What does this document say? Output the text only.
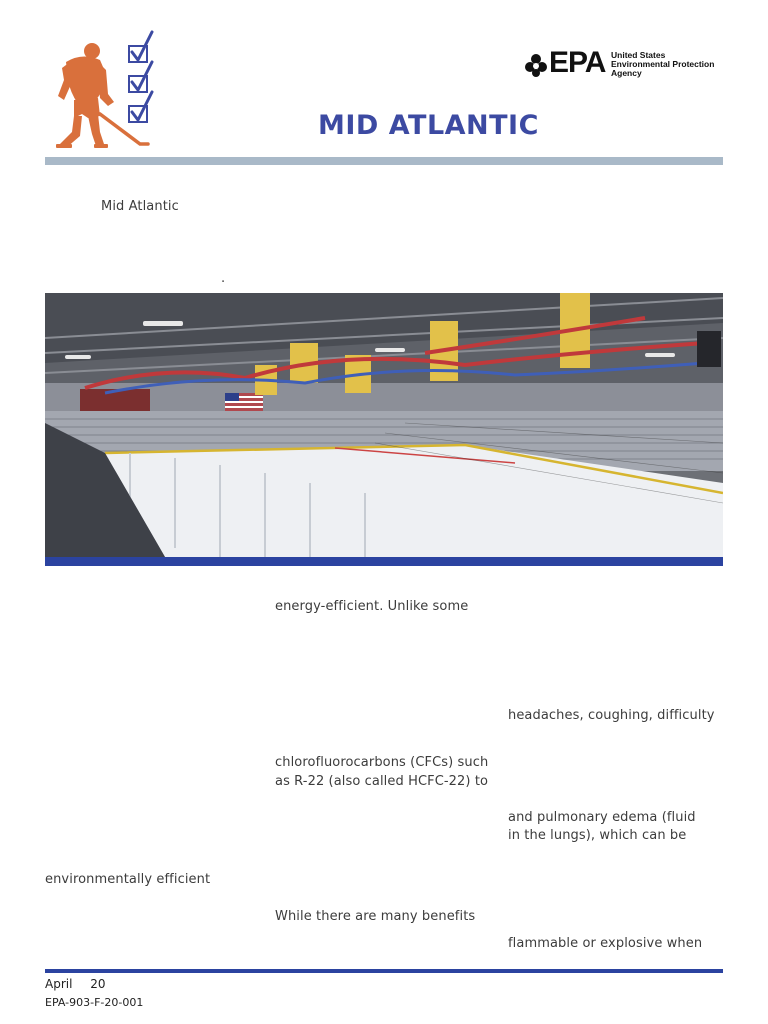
EPA United States
Environmental Protection
Agency
MID ATLANTIC
Mid Atlantic
.
energy-efficient. Unlike some
headaches, coughing, difficulty
chlorofluorocarbons (CFCs) such
as R-22 (also called HCFC-22) to
and pulmonary edema (fluid
in the lungs), which can be
environmentally efficient
While there are many benefits
flammable or explosive when
April 20
EPA-903-F-20-001
